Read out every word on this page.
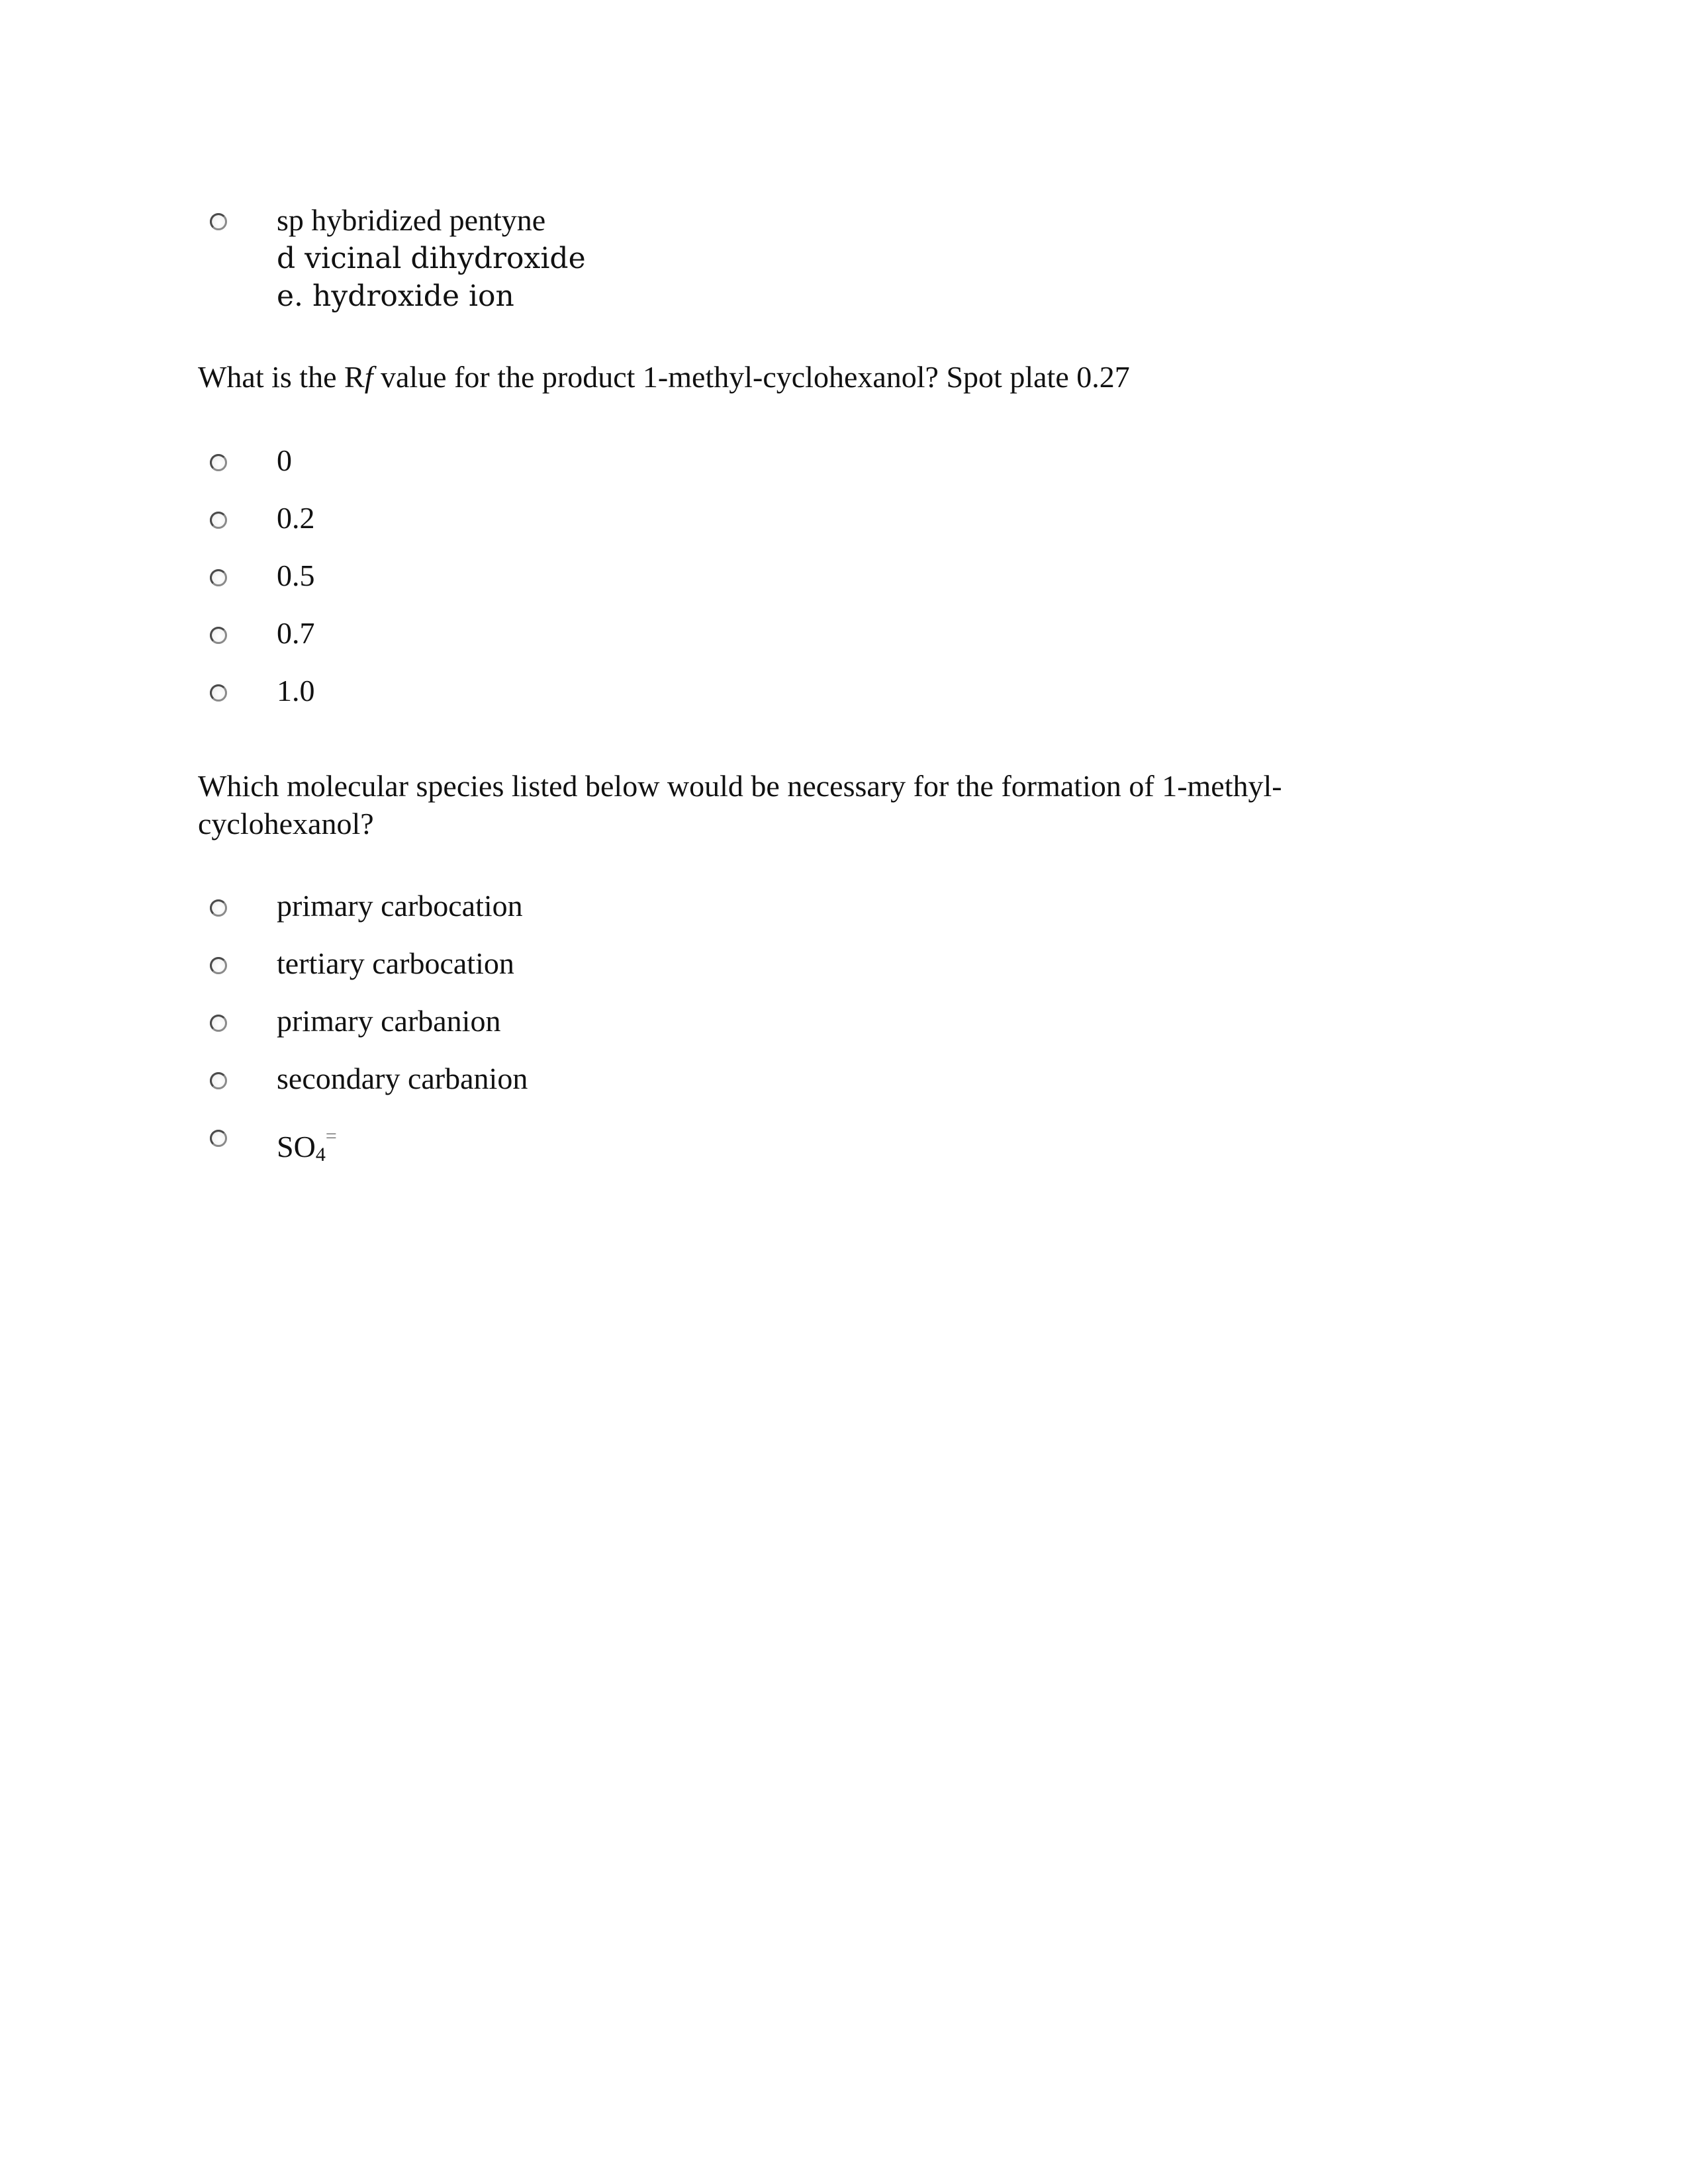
sp hybridized pentyne
d vicinal dihydroxide
e. hydroxide ion
What is the Rf value for the product 1-methyl-cyclohexanol? Spot plate 0.27
0
0.2
0.5
0.7
1.0
Which molecular species listed below would be necessary for the formation of 1-methyl-
cyclohexanol?
primary carbocation
tertiary carbocation
primary carbanion
secondary carbanion
$SO_4^=$
